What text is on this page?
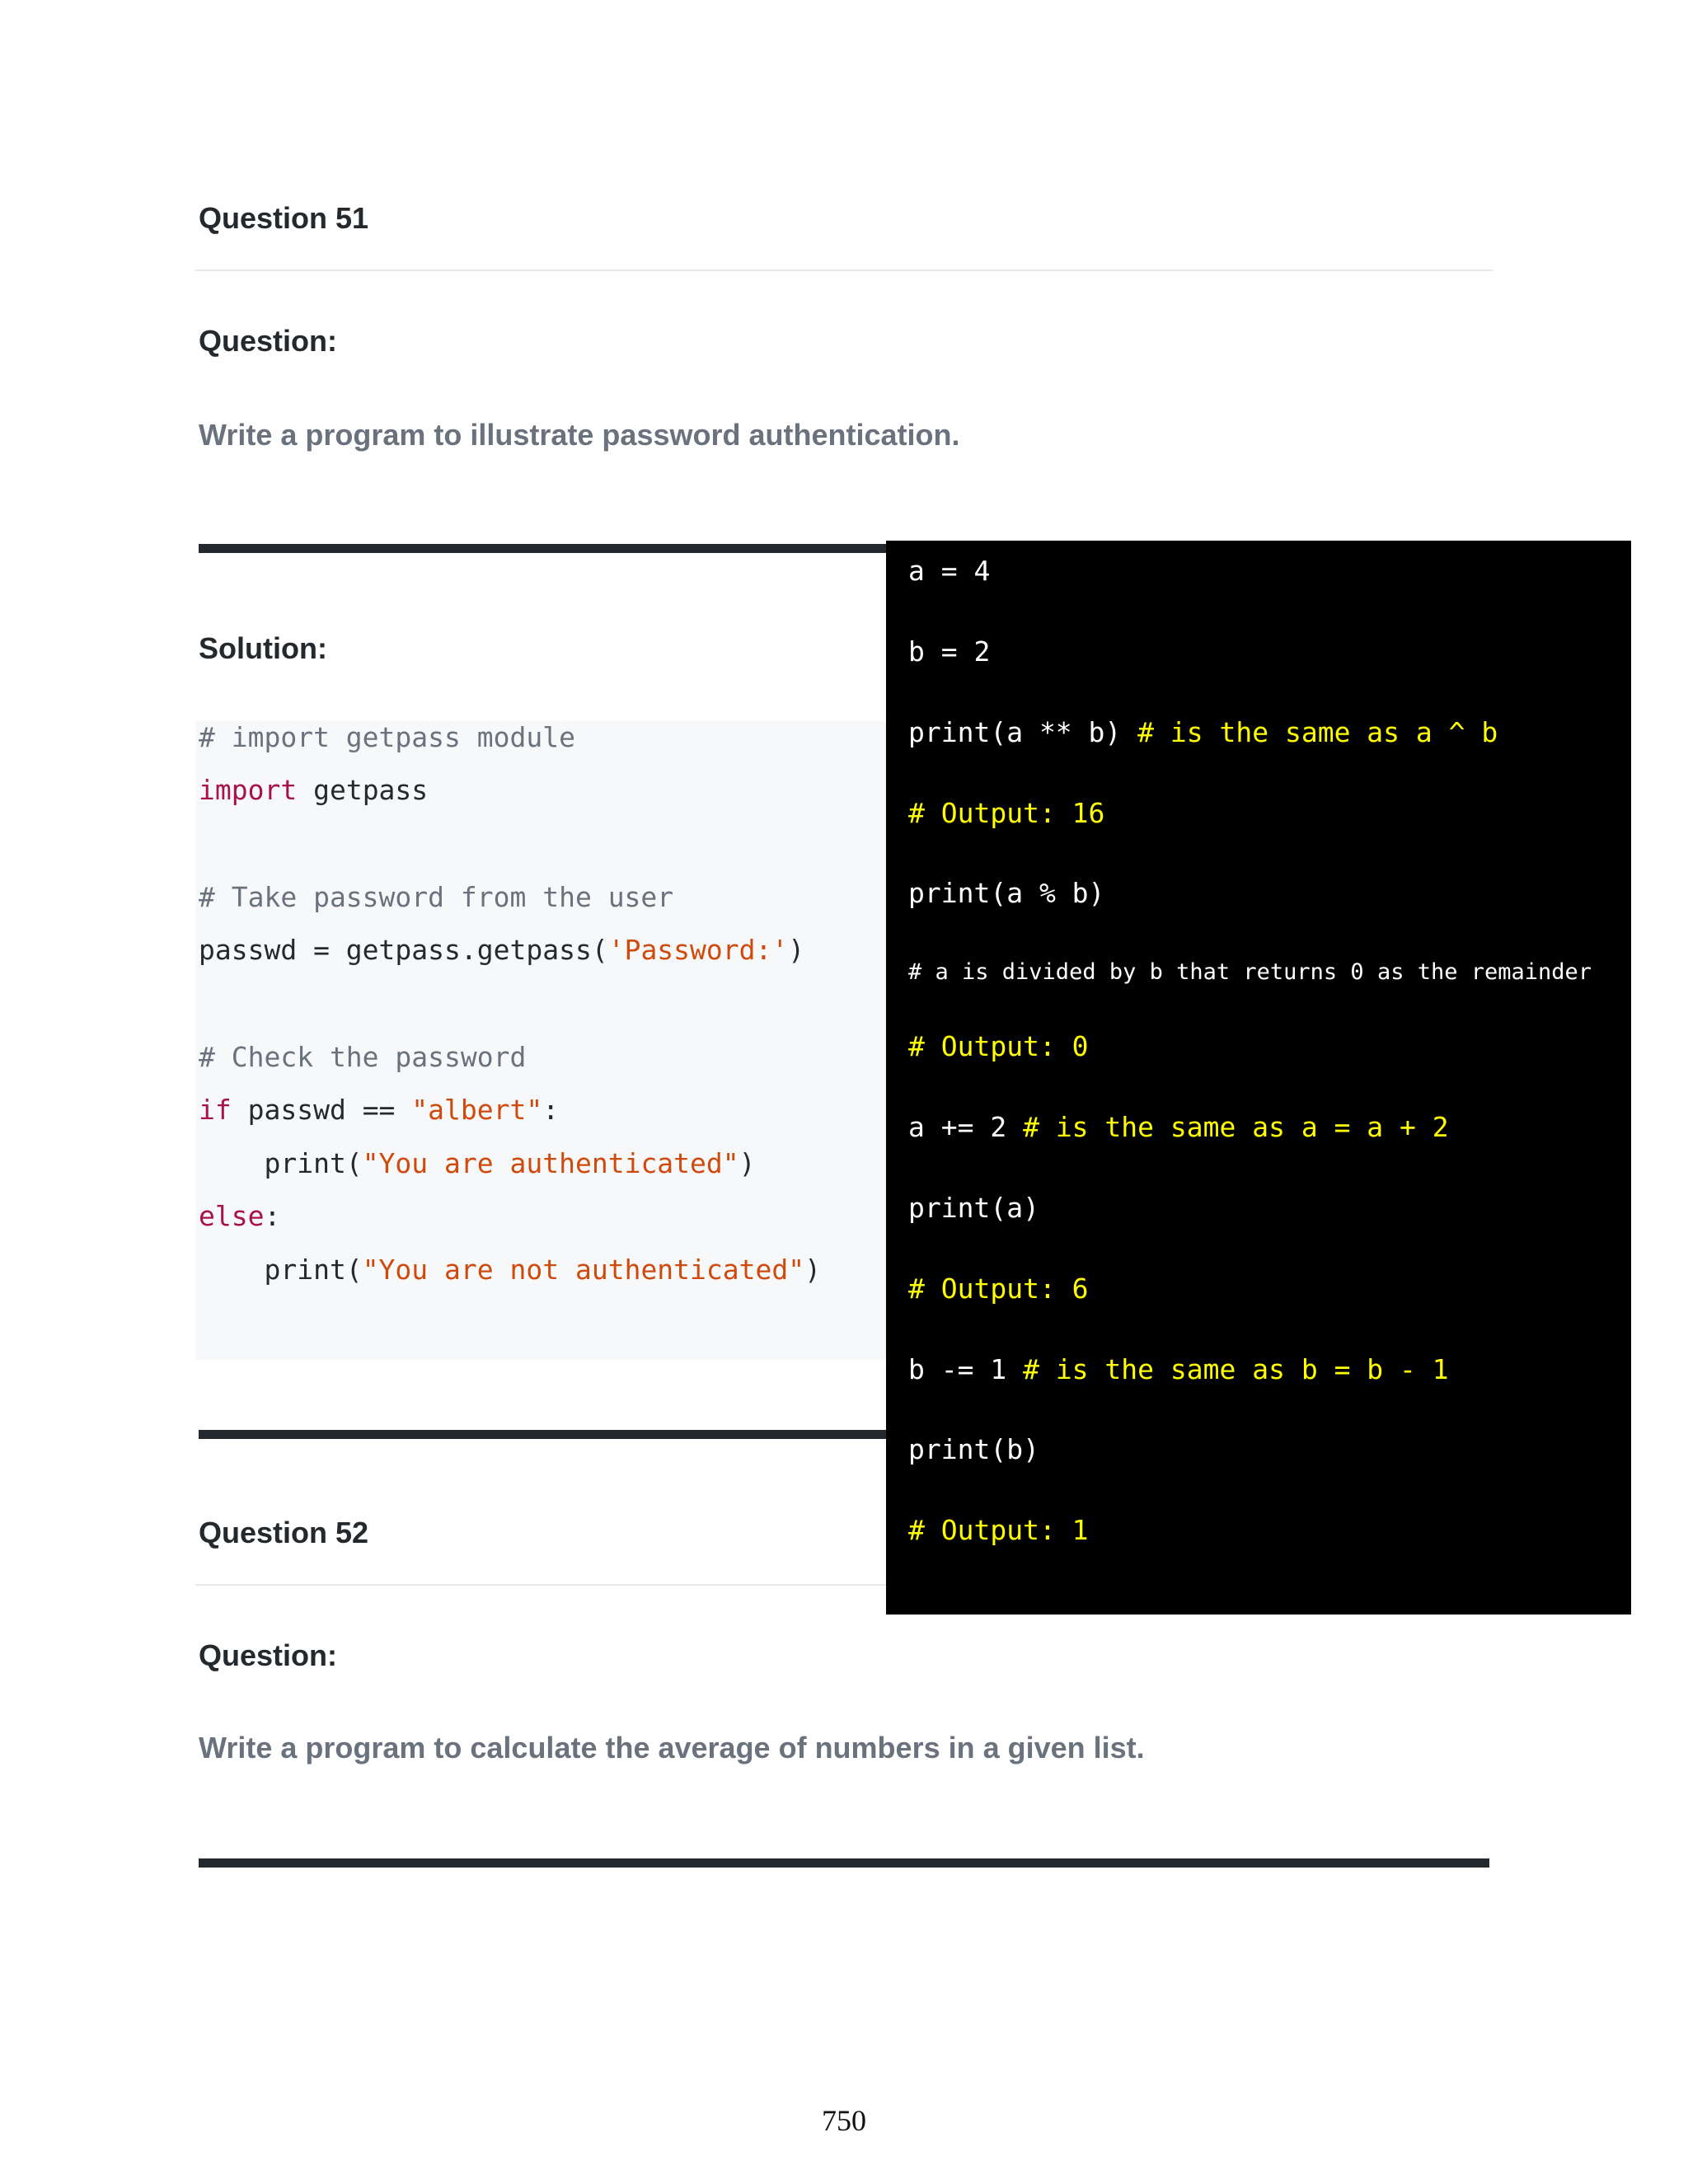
Question 51
Question:
Write a program to illustrate password authentication.
Solution:

# import getpass module

import getpass

# Take password from the user

passwd = getpass.getpass('Password:')

# Check the password

if passwd == "albert":

print("You are authenticated")

else:

print("You are not authenticated")

Question 52
Question:
Write a program to calculate the average of numbers in a given list.

a = 4

b = 2

print(a ** b) # is the same as a ^ b

# Output: 16

print(a % b)

# a is divided by b that returns 0 as the remainder

# Output: 0

a += 2 # is the same as a = a + 2

print(a)

# Output: 6

b -= 1 # is the same as b = b - 1

print(b)

# Output: 1

750
